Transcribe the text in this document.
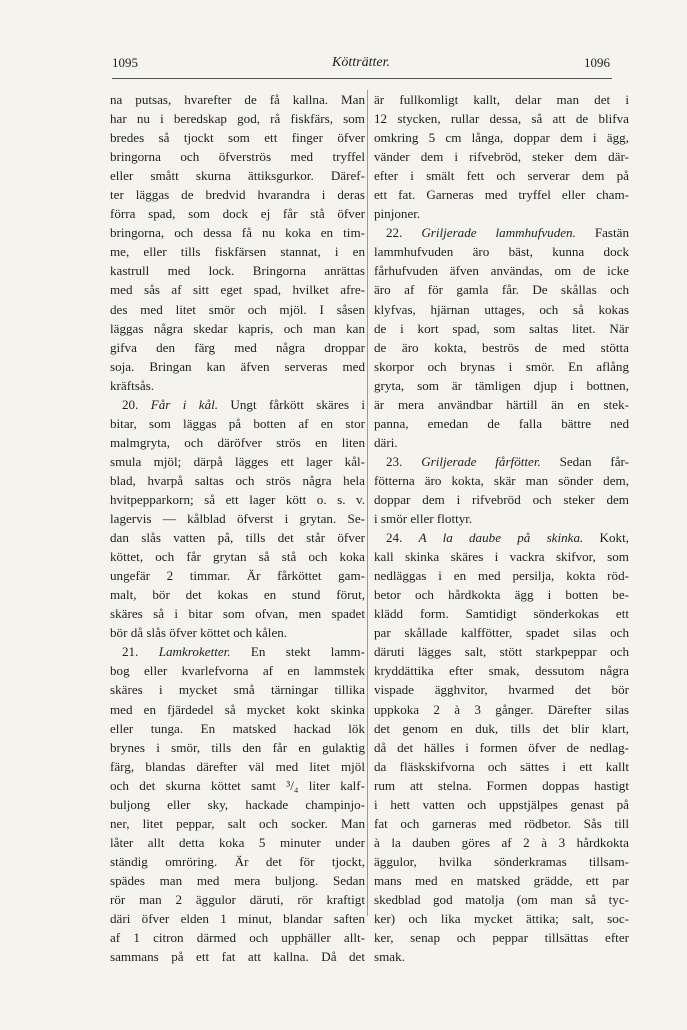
1095	Kötträtter.	1096
na putsas, hvarefter de få kallna. Man
har nu i beredskap god, rå fiskfärs, som
bredes så tjockt som ett finger öfver
bringorna och öfverströs med tryffel
eller smått skurna ättiksgurkor. Däref-
ter läggas de bredvid hvarandra i deras
förra spad, som dock ej får stå öfver
bringorna, och dessa få nu koka en tim-
me, eller tills fiskfärsen stannat, i en
kastrull med lock. Bringorna anrättas
med sås af sitt eget spad, hvilket afre-
des med litet smör och mjöl. I såsen
läggas några skedar kapris, och man kan
gifva den färg med några droppar
soja. Bringan kan äfven serveras med
kräftsås.
20. Får i kål. Ungt fårkött skäres i
bitar, som läggas på botten af en stor
malmgryta, och däröfver strös en liten
smula mjöl; därpå lägges ett lager kål-
blad, hvarpå saltas och strös några hela
hvitpepparkorn; så ett lager kött o. s. v.
lagervis — kålblad öfverst i grytan. Se-
dan slås vatten på, tills det står öfver
köttet, och får grytan så stå och koka
ungefär 2 timmar. Är fårköttet gam-
malt, bör det kokas en stund förut,
skäres så i bitar som ofvan, men spadet
bör då slås öfver köttet och kålen.
21. Lamkroketter. En stekt lamm-
bog eller kvarlefvorna af en lammstek
skäres i mycket små tärningar tillika
med en fjärdedel så mycket kokt skinka
eller tunga. En matsked hackad lök
brynes i smör, tills den får en gulaktig
färg, blandas därefter väl med litet mjöl
och det skurna köttet samt ³/₄ liter kalf-
buljong eller sky, hackade champinjo-
ner, litet peppar, salt och socker. Man
låter allt detta koka 5 minuter under
ständig omröring. Är det för tjockt,
spädes man med mera buljong. Sedan
rör man 2 äggulor däruti, rör kraftigt
däri öfver elden 1 minut, blandar saften
af 1 citron därmed och upphäller allt-
sammans på ett fat att kallna. Då det
är fullkomligt kallt, delar man det i
12 stycken, rullar dessa, så att de blifva
omkring 5 cm långa, doppar dem i ägg,
vänder dem i rifvebröd, steker dem där-
efter i smält fett och serverar dem på
ett fat. Garneras med tryffel eller cham-
pinjoner.
22. Griljerade lammhufvuden. Fastän
lammhufvuden äro bäst, kunna dock
fårhufvuden äfven användas, om de icke
äro af för gamla får. De skållas och
klyfvas, hjärnan uttages, och så kokas
de i kort spad, som saltas litet. När
de äro kokta, beströs de med stötta
skorpor och brynas i smör. En aflång
gryta, som är tämligen djup i bottnen,
är mera användbar härtill än en stek-
panna, emedan de falla bättre ned
däri.
23. Griljerade fårfötter. Sedan får-
fötterna äro kokta, skär man sönder dem,
doppar dem i rifvebröd och steker dem
i smör eller flottyr.
24. A la daube på skinka. Kokt,
kall skinka skäres i vackra skifvor, som
nedläggas i en med persilja, kokta röd-
betor och hårdkokta ägg i botten be-
klädd form. Samtidigt sönderkokas ett
par skållade kalffötter, spadet silas och
däruti lägges salt, stött starkpeppar och
kryddättika efter smak, dessutom några
vispade ägghvitor, hvarmed det bör
uppkoka 2 à 3 gånger. Därefter silas
det genom en duk, tills det blir klart,
då det hälles i formen öfver de nedlag-
da fläskskifvorna och sättes i ett kallt
rum att stelna. Formen doppas hastigt
i hett vatten och uppstjälpes genast på
fat och garneras med rödbetor. Sås till
à la dauben göres af 2 à 3 hårdkokta
äggulor, hvilka sönderkramas tillsam-
mans med en matsked grädde, ett par
skedblad god matolja (om man så tyc-
ker) och lika mycket ättika; salt, soc-
ker, senap och peppar tillsättas efter
smak.
